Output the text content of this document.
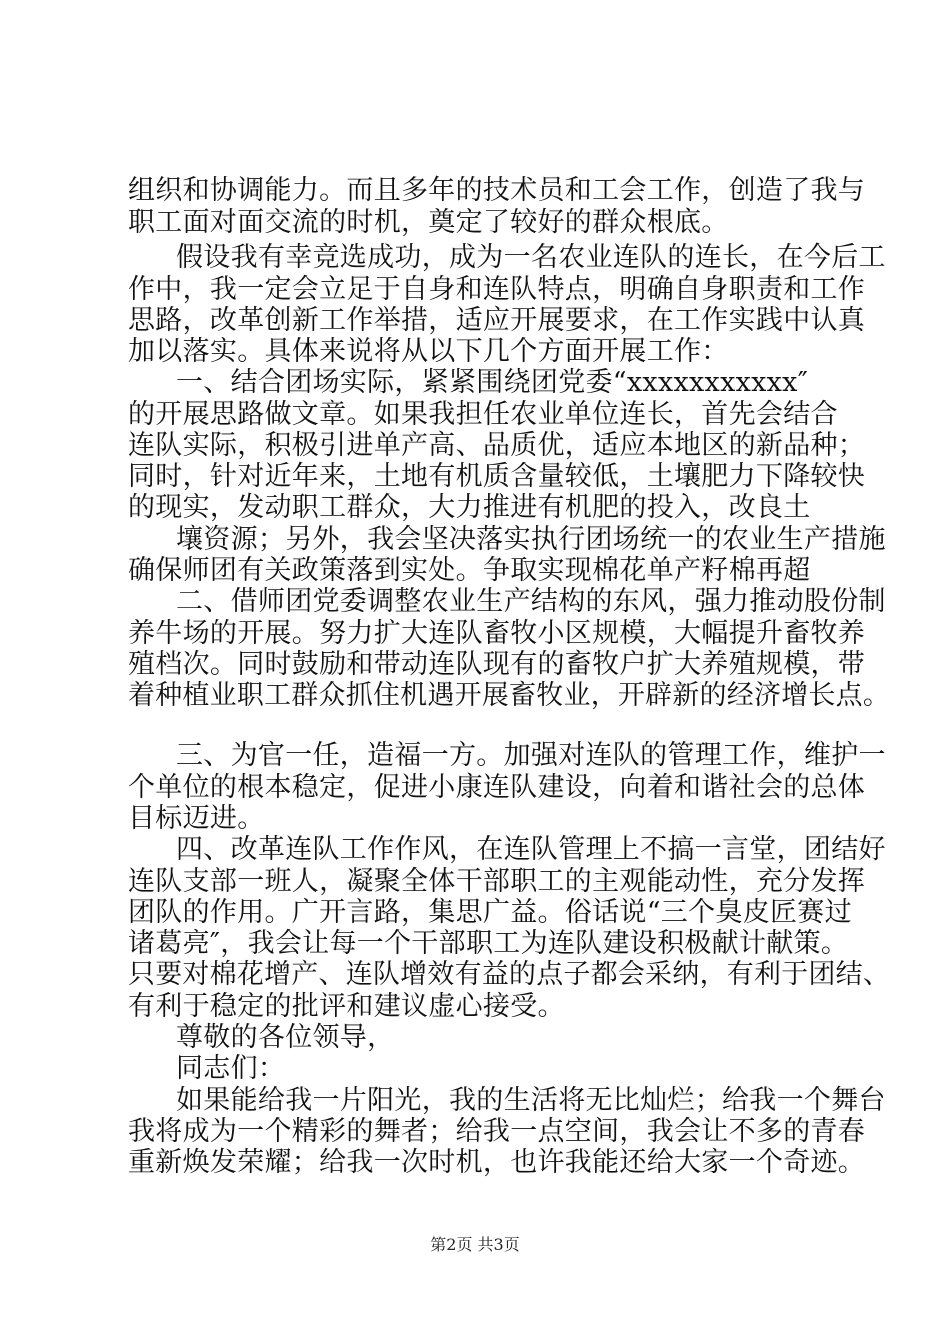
组织和协调能力。而且多年的技术员和工会工作，创造了我与
职工面对面交流的时机，奠定了较好的群众根底。
假设我有幸竞选成功，成为一名农业连队的连长，在今后工
作中，我一定会立足于自身和连队特点，明确自身职责和工作
思路，改革创新工作举措，适应开展要求，在工作实践中认真
加以落实。具体来说将从以下几个方面开展工作：
一、结合团场实际，紧紧围绕团党委“xxxxxxxxxxx″
的开展思路做文章。如果我担任农业单位连长，首先会结合
连队实际，积极引进单产高、品质优，适应本地区的新品种；
同时，针对近年来，土地有机质含量较低，土壤肥力下降较快
的现实，发动职工群众，大力推进有机肥的投入，改良土
壤资源；另外，我会坚决落实执行团场统一的农业生产措施
确保师团有关政策落到实处。争取实现棉花单产籽棉再超
二、借师团党委调整农业生产结构的东风，强力推动股份制
养牛场的开展。努力扩大连队畜牧小区规模，大幅提升畜牧养
殖档次。同时鼓励和带动连队现有的畜牧户扩大养殖规模，带
着种植业职工群众抓住机遇开展畜牧业，开辟新的经济增长点。
三、为官一任，造福一方。加强对连队的管理工作，维护一
个单位的根本稳定，促进小康连队建设，向着和谐社会的总体
目标迈进。
四、改革连队工作作风，在连队管理上不搞一言堂，团结好
连队支部一班人，凝聚全体干部职工的主观能动性，充分发挥
团队的作用。广开言路，集思广益。俗话说“三个臭皮匠赛过
诸葛亮″，我会让每一个干部职工为连队建设积极献计献策。
只要对棉花增产、连队增效有益的点子都会采纳，有利于团结、
有利于稳定的批评和建议虚心接受。
尊敬的各位领导，
同志们：
如果能给我一片阳光，我的生活将无比灿烂；给我一个舞台
我将成为一个精彩的舞者；给我一点空间，我会让不多的青春
重新焕发荣耀；给我一次时机，也许我能还给大家一个奇迹。
第2页 共3页
